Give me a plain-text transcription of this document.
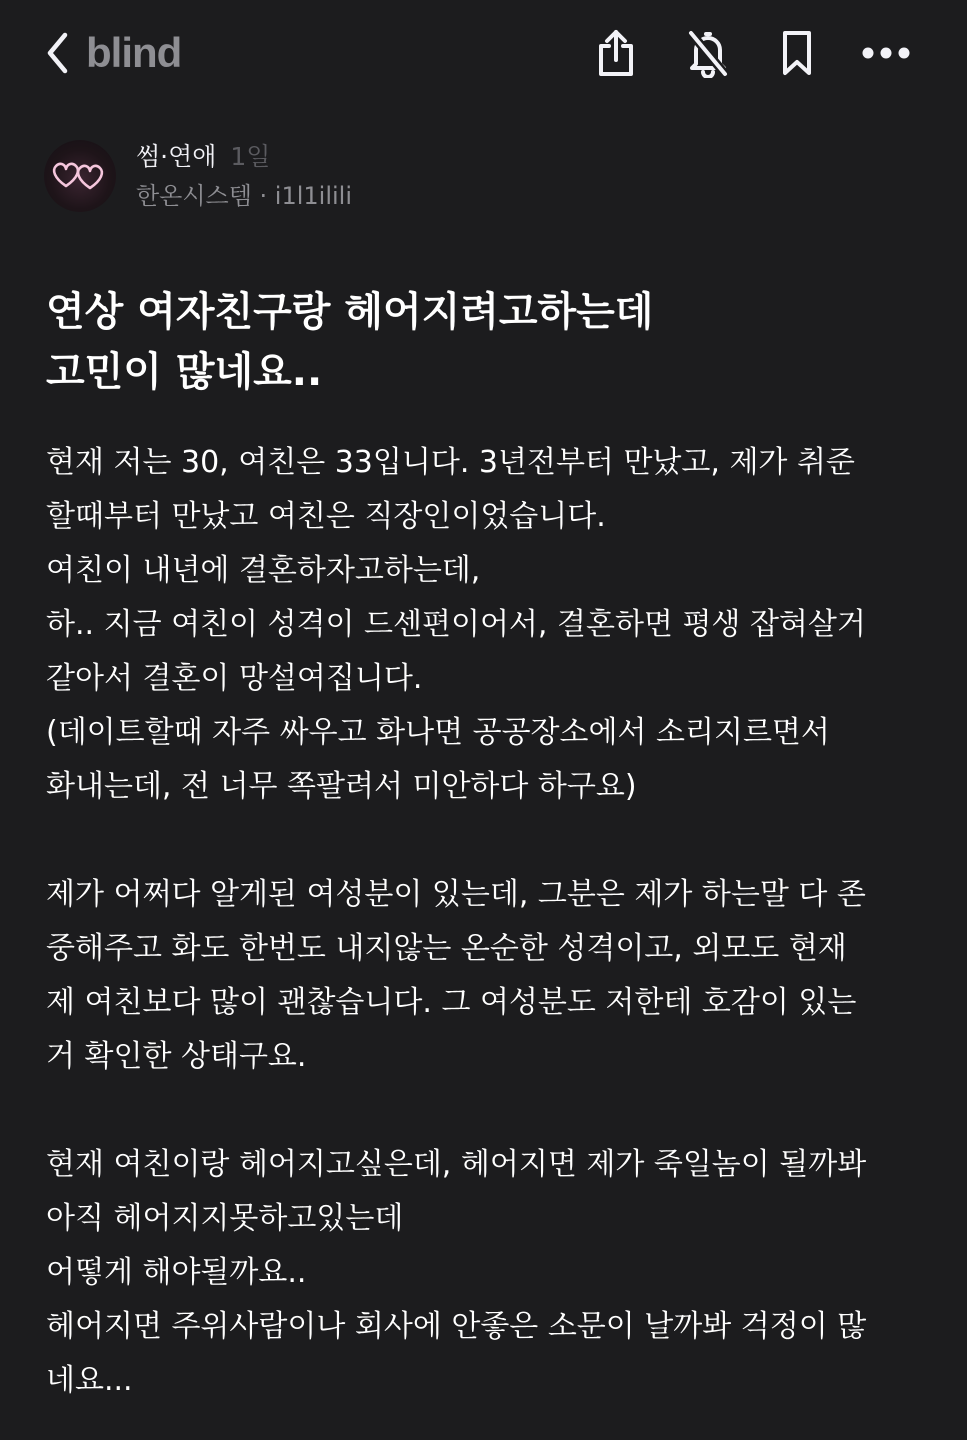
blind
썸·연애 1일
한온시스템 · i1l1ilili
연상 여자친구랑 헤어지려고하는데
고민이 많네요..
현재 저는 30, 여친은 33입니다. 3년전부터 만났고, 제가 취준
할때부터 만났고 여친은 직장인이었습니다.
여친이 내년에 결혼하자고하는데,
하.. 지금 여친이 성격이 드센편이어서, 결혼하면 평생 잡혀살거
같아서 결혼이 망설여집니다.
(데이트할때 자주 싸우고 화나면 공공장소에서 소리지르면서
화내는데, 전 너무 쪽팔려서 미안하다 하구요)
제가 어쩌다 알게된 여성분이 있는데, 그분은 제가 하는말 다 존
중해주고 화도 한번도 내지않는 온순한 성격이고, 외모도 현재
제 여친보다 많이 괜찮습니다. 그 여성분도 저한테 호감이 있는
거 확인한 상태구요.
현재 여친이랑 헤어지고싶은데, 헤어지면 제가 죽일놈이 될까봐
아직 헤어지지못하고있는데
어떻게 해야될까요..
헤어지면 주위사람이나 회사에 안좋은 소문이 날까봐 걱정이 많
네요...
